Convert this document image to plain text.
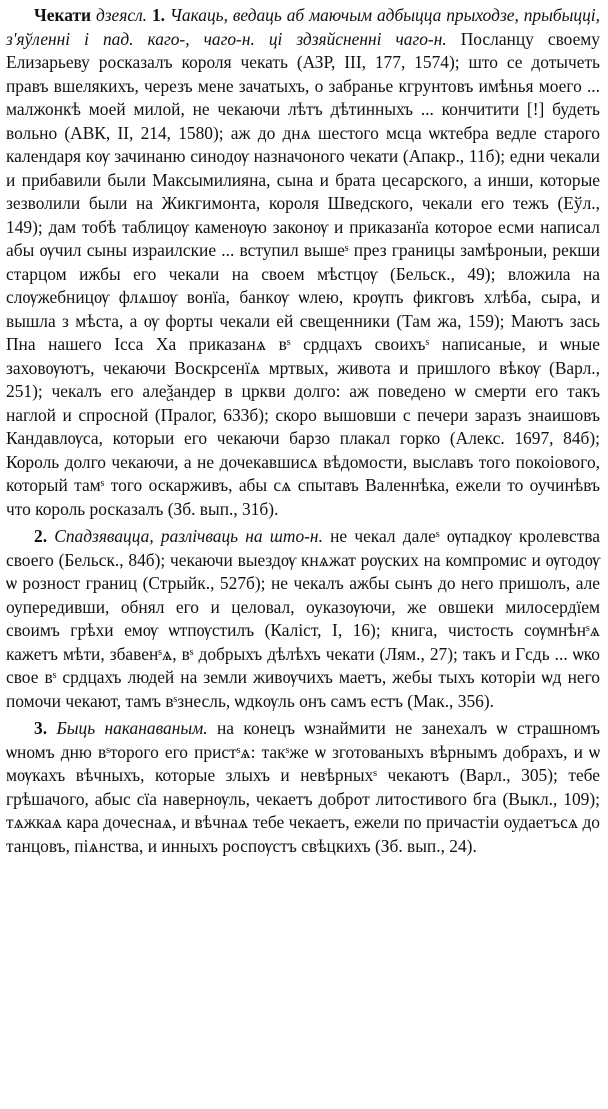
Чекати дзеясл. 1. Чакаць, ведаць аб маючым адбыцца прыходзе, прыбыцці, з'яўленні і пад. каго-, чаго-н. ці здзяйсненні чаго-н. Посланцу своему Елизарьеву росказалъ короля чекать (АЗР, III, 177, 1574); што се дотычеть правъ вшелякихъ, черезъ мене зачатыхъ, о забранье кгрунтовъ имѣнья моего ... малжонкѣ моей милой, не чекаючи лѣтъ дѣтинныхъ ... кончитити [!] будеть вольно (АВК, II, 214, 1580); аж до днѧ шестого мсца ѡктебра ведле старого календаря кѹ зачинаню синодѹ назначоного чекати (Апакр., 11б); едни чекали и прибавили были Максымилияна, сына и брата цесарского, а инши, которые зезволили были на Жикгимонта, короля Шведского, чекали его тежъ (Еўл., 149); дам тобѣ таблицѹ каменѹю законѹ и приказанїа которое есми написал абы ѹчил сыны израилские ... вступил вышеˢ през границы замѣроныи, рекши старцом ижбы его чекали на своем мѣстцѹ (Бельск., 49); вложила на слѹжебницѹ флѧшѹ вонїа, банкѹ ѡлею, крѹпъ фикговъ хлѣба, сыра, и вышла з мѣста, а ѹ форты чекали ей свещенники (Там жа, 159); Маютъ зась Пна нашего Ісса Ха приказанѧ вˢ срдцахъ своихъˢ написаные, и ѡные заховѹютъ, чекаючи Воскрсенїѧ мртвых, живота и пришлого вѣкѹ (Варл., 251); чекалъ его алеѯандер в цркви долго: аж поведено ѡ смерти его такъ наглой и спросной (Пралог, 633б); скоро вышовши с печери заразъ знаишовъ Кандавлѹса, которыи его чекаючи барзо плакал горко (Алекс. 1697, 84б); Король долго чекаючи, а не дочекавшисѧ вѣдомости, выславъ того покоiового, который тамˢ того оскарживъ, абы сѧ спытавъ Валеннѣка, ежели то оучинѣвъ что король росказалъ (Зб. вып., 31б).

2. Спадзявацца, разлічваць на што-н. не чекал далеˢ ѹпадкѹ кролевства своего (Бельск., 84б); чекаючи выездѹ кнѧжат рѹских на компромис и ѹгодѹ ѡ рознoст границ (Стрыйк., 527б); не чекалъ ажбы сынъ до него пришолъ, але оупередивши, обнял его и целовал, оуказѹючи, же овшеки милосердїем своимъ грѣхи емѹ ѡтпѹстилъ (Каліст, I, 16); книга, чистость сѹмнѣнˢѧ кажетъ мѣти, збавенˢѧ, вˢ добрыхъ дѣлѣхъ чекати (Лям., 27); такъ и Гсдь ... ѡко свое вˢ срдцахъ людей на земли живѹчихъ маетъ, жебы тыхъ которіи ѡд него помочи чекают, тамъ вˢзнесль, ѡдкѹль онъ самъ естъ (Мак., 356).

3. Быць наканаваным. на конецъ ѡзнаймити не занехалъ ѡ страшномъ ѡномъ дню вˢторого его пристˢѧ: такˢже ѡ зготованыхъ вѣрнымъ добрахъ, и ѡ мѹкахъ вѣчныхъ, которые злыхъ и невѣрныхˢ чекаютъ (Варл., 305); тебе грѣшачого, абыс сїа навернѹль, чекаетъ доброт литостивого бга (Выкл., 109); тѧжкаѧ кара дочеснаѧ, и вѣчнаѧ тебе чекаетъ, ежели по причастіи оудаетъсѧ до танцовъ, пiѧнства, и инныхъ роспѹстъ свѣцкихъ (Зб. вып., 24).
